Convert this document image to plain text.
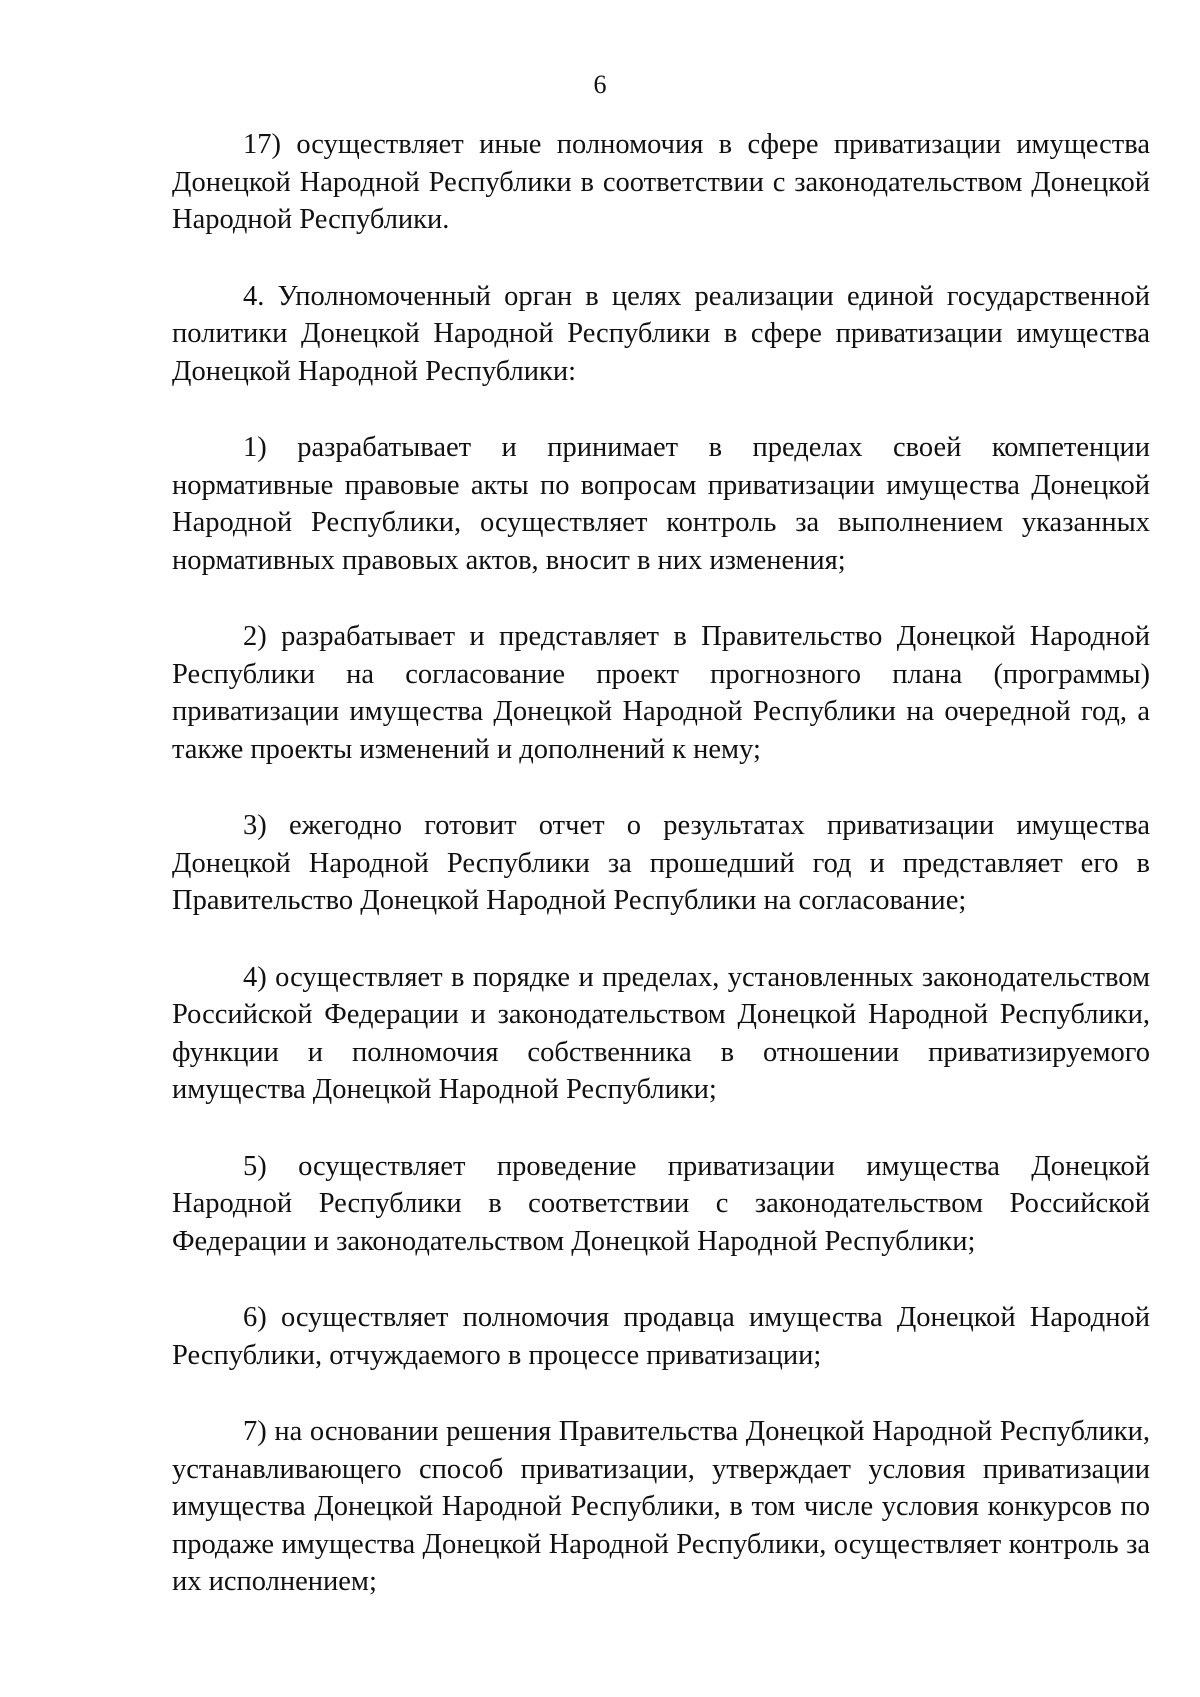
6

17) осуществляет иные полномочия в сфере приватизации имущества Донецкой Народной Республики в соответствии с законодательством Донецкой Народной Республики.

4. Уполномоченный орган в целях реализации единой государственной политики Донецкой Народной Республики в сфере приватизации имущества Донецкой Народной Республики:

1) разрабатывает и принимает в пределах своей компетенции нормативные правовые акты по вопросам приватизации имущества Донецкой Народной Республики, осуществляет контроль за выполнением указанных нормативных правовых актов, вносит в них изменения;

2) разрабатывает и представляет в Правительство Донецкой Народной Республики на согласование проект прогнозного плана (программы) приватизации имущества Донецкой Народной Республики на очередной год, а также проекты изменений и дополнений к нему;

3) ежегодно готовит отчет о результатах приватизации имущества Донецкой Народной Республики за прошедший год и представляет его в Правительство Донецкой Народной Республики на согласование;

4) осуществляет в порядке и пределах, установленных законодательством Российской Федерации и законодательством Донецкой Народной Республики, функции и полномочия собственника в отношении приватизируемого имущества Донецкой Народной Республики;

5) осуществляет проведение приватизации имущества Донецкой Народной Республики в соответствии с законодательством Российской Федерации и законодательством Донецкой Народной Республики;

6) осуществляет полномочия продавца имущества Донецкой Народной Республики, отчуждаемого в процессе приватизации;

7) на основании решения Правительства Донецкой Народной Республики, устанавливающего способ приватизации, утверждает условия приватизации имущества Донецкой Народной Республики, в том числе условия конкурсов по продаже имущества Донецкой Народной Республики, осуществляет контроль за их исполнением;
